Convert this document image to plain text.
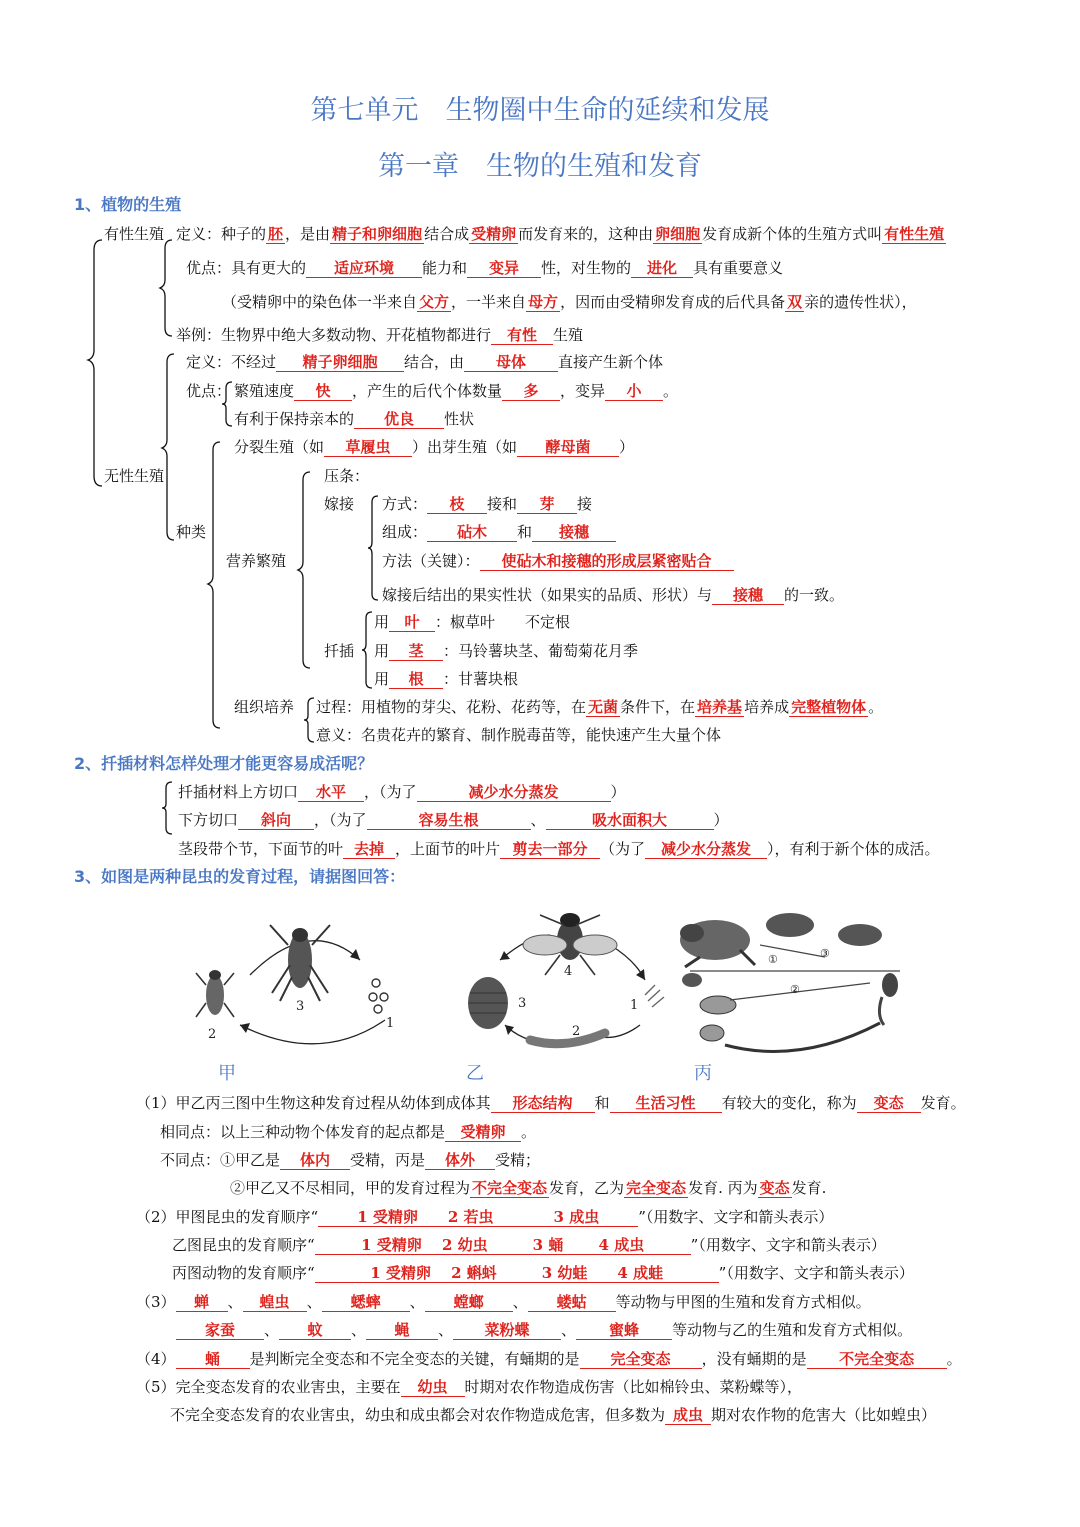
第七单元　生物圈中生命的延续和发展
第一章　生物的生殖和发育
1、植物的生殖
有性生殖 定义：种子的 胚 ，是由 精子和卵细胞 结合成 受精卵 而发育来的，这种由 卵细胞 发育成新个体的生殖方式叫 有性生殖
优点：具有更大的 适应环境 能力和 变异 性，对生物的 进化 具有重要意义
（受精卵中的染色体一半来自 父方 ，一半来自 母方 ，因而由受精卵发育成的后代具备 双 亲的遗传性状），
举例：生物界中绝大多数动物、开花植物都进行 有性 生殖
无性生殖
定义：不经过 精子卵细胞 结合，由 母体 直接产生新个体
优点： 繁殖速度 快 ，产生的后代个体数量 多 ，变异 小 。
有利于保持亲本的 优良 性状
种类
分裂生殖（如 草履虫 ）出芽生殖（如 酵母菌 ）
营养繁殖
压条：
嫁接 方式： 枝 接和 芽 接
组成： 砧木 和 接穗
方法（关键）： 使砧木和接穗的形成层紧密贴合
嫁接后结出的果实性状（如果实的品质、形状）与 接穗 的一致。
扦插
用 叶 ：椒草叶　　不定根
用 茎 ：马铃薯块茎、葡萄菊花月季
用 根 ：甘薯块根
组织培养 过程：用植物的芽尖、花粉、花药等，在 无菌 条件下，在 培养基 培养成 完整植物体 。
意义：名贵花卉的繁育、制作脱毒苗等，能快速产生大量个体
2、扦插材料怎样处理才能更容易成活呢？
扦插材料上方切口 水平 ，（为了	减少水分蒸发	）
下方切口 斜向 ，（为了	容易生根	、	吸水面积大	）
茎段带个节，下面节的叶 去掉 ，上面节的叶片 剪去一部分 （为了 减少水分蒸发 ），有利于新个体的成活。
3、如图是两种昆虫的发育过程，请据图回答：
3
2
1
4
3
2
1
①
②
③
甲	乙	丙
（1）甲乙丙三图中生物这种发育过程从幼体到成体其 形态结构 和 生活习性 有较大的变化，称为 变态 发育。
相同点：以上三种动物个体发育的起点都是 受精卵 。
不同点：①甲乙是 体内 受精，丙是 体外 受精；
②甲乙又不尽相同，甲的发育过程为 不完全变态 发育，乙为 完全变态 发育. 丙为 变态 发育.
（2）甲图昆虫的发育顺序“	1 受精卵　　2 若虫　　　　3 成虫	”（用数字、文字和箭头表示）
乙图昆虫的发育顺序“	1 受精卵　 2 幼虫　　　3 蛹　　 4 成虫	”（用数字、文字和箭头表示）
丙图动物的发育顺序“	1 受精卵　 2 蝌蚪　　　3 幼蛙　　4 成蛙	”（用数字、文字和箭头表示）
（3） 蝉 、 蝗虫 、 蟋蟀 、 螳螂 、 蝼蛄 等动物与甲图的生殖和发育方式相似。
家蚕 、 蚊 、 蝇 、 菜粉蝶 、 蜜蜂 等动物与乙的生殖和发育方式相似。
（4） 蛹 是判断完全变态和不完全变态的关键，有蛹期的是 完全变态 ，没有蛹期的是 不完全变态 。
（5）完全变态发育的农业害虫，主要在 幼虫 时期对农作物造成伤害（比如棉铃虫、菜粉蝶等），
不完全变态发育的农业害虫，幼虫和成虫都会对农作物造成危害，但多数为 成虫 期对农作物的危害大（比如蝗虫）
